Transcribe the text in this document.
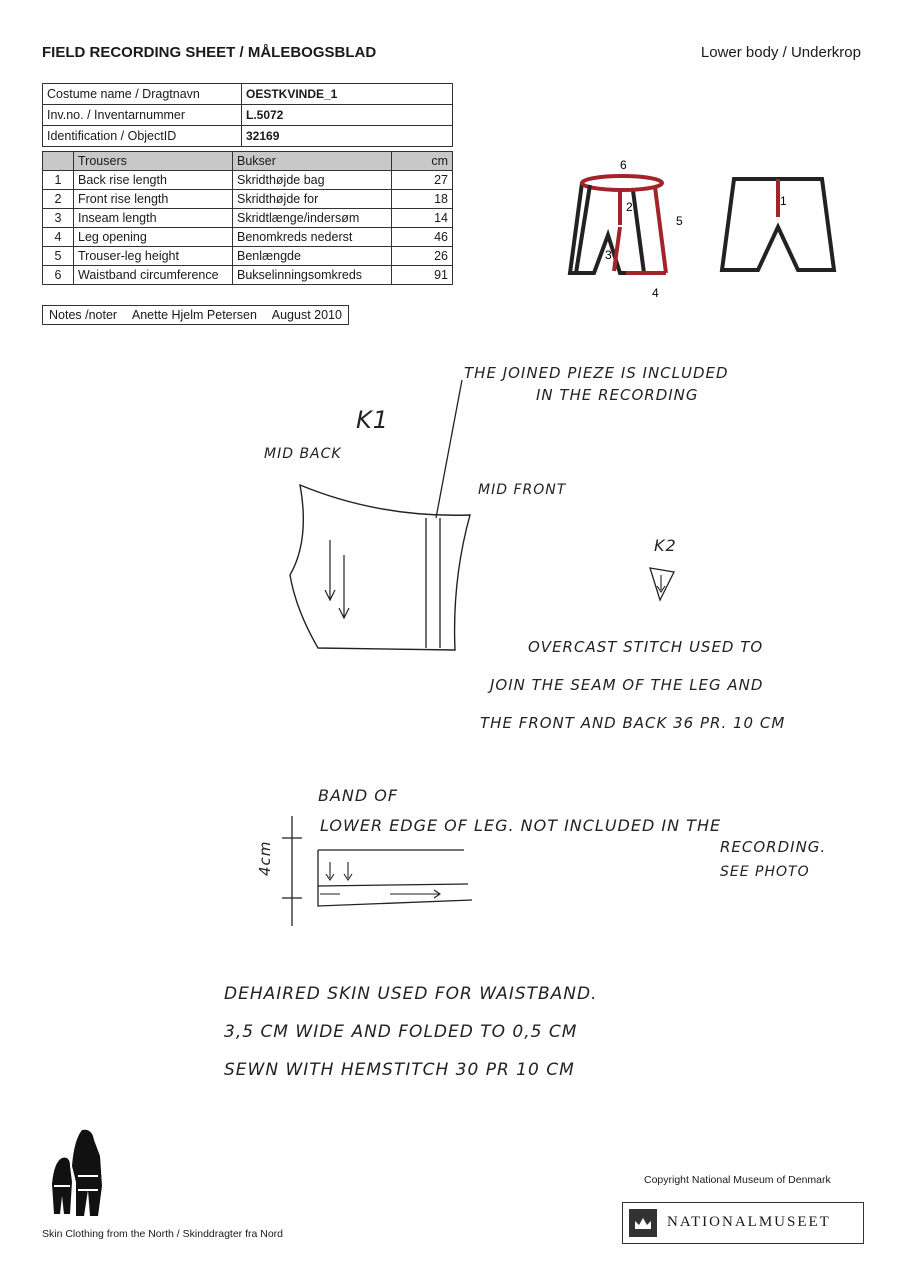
FIELD RECORDING SHEET / MÅLEBOGSBLAD	Lower body / Underkrop
Costume name / Dragtnavn	OESTKVINDE_1
Inv.no. / Inventarnummer	L.5072
Identification / ObjectID	32169
	Trousers	Bukser	cm
1	Back rise length	Skridthøjde bag	27
2	Front rise length	Skridthøjde for	18
3	Inseam length	Skridtlænge/indersøm	14
4	Leg opening	Benomkreds nederst	46
5	Trouser-leg height	Benlængde	26
6	Waistband circumference	Bukselinningsomkreds	91
Notes /noter Anette Hjelm Petersen August 2010
6
2
5
3
4
1
THE JOINED PIEZE IS INCLUDED
IN THE RECORDING
K1
MID BACK
MID FRONT
K2
OVERCAST STITCH USED TO
JOIN THE SEAM OF THE LEG AND
THE FRONT AND BACK 36 PR. 10 CM
BAND OF
LOWER EDGE OF LEG. NOT INCLUDED IN THE
RECORDING.
SEE PHOTO
4cm
DEHAIRED SKIN USED FOR WAISTBAND.
3,5 CM WIDE AND FOLDED TO 0,5 CM
SEWN WITH HEMSTITCH 30 PR 10 CM
Skin Clothing from the North / Skinddragter fra Nord
Copyright National Museum of Denmark
NATIONALMUSEET
